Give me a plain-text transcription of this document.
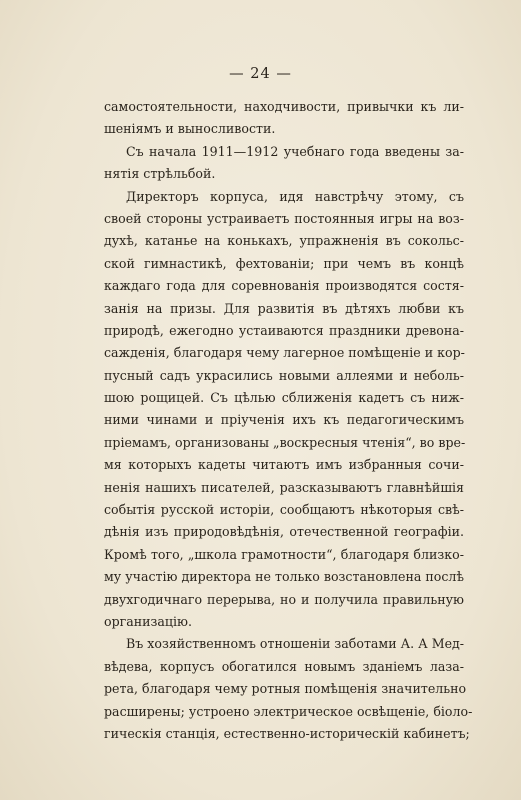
— 24 —
самостоятельности, находчивости, привычки къ ли-
шеніямъ и выносливости.
Съ начала 1911—1912 учебнаго года введены за-
нятія стрѣльбой.
Директоръ корпуса, идя навстрѣчу этому, съ
своей стороны устраиваетъ постоянныя игры на воз-
духѣ, катанье на конькахъ, упражненія въ сокольс-
ской гимнастикѣ, фехтованіи; при чемъ въ концѣ
каждаго года для соревнованія производятся состя-
занія на призы. Для развитія въ дѣтяхъ любви къ
природѣ, ежегодно устаиваются праздники древона-
сажденія, благодаря чему лагерное помѣщеніе и кор-
пусный садъ украсились новыми аллеями и неболь-
шою рощицей. Съ цѣлью сближенія кадетъ съ ниж-
ними чинами и пріученія ихъ къ педагогическимъ
пріемамъ, организованы „воскресныя чтенія“, во вре-
мя которыхъ кадеты читаютъ имъ избранныя сочи-
ненія нашихъ писателей, разсказываютъ главнѣйшія
событія русской исторіи, сообщаютъ нѣкоторыя свѣ-
дѣнія изъ природовѣдѣнія, отечественной географіи.
Кромѣ того, „школа грамотности“, благодаря близко-
му участію директора не только возстановлена послѣ
двухгодичнаго перерыва, но и получила правильную
организацію.
Въ хозяйственномъ отношеніи заботами А. А Мед-
вѣдева, корпусъ обогатился новымъ зданіемъ лаза-
рета, благодаря чему ротныя помѣщенія значительно
расширены; устроено электрическое освѣщеніе, біоло-
гическія станція, естественно-историческій кабинетъ;
